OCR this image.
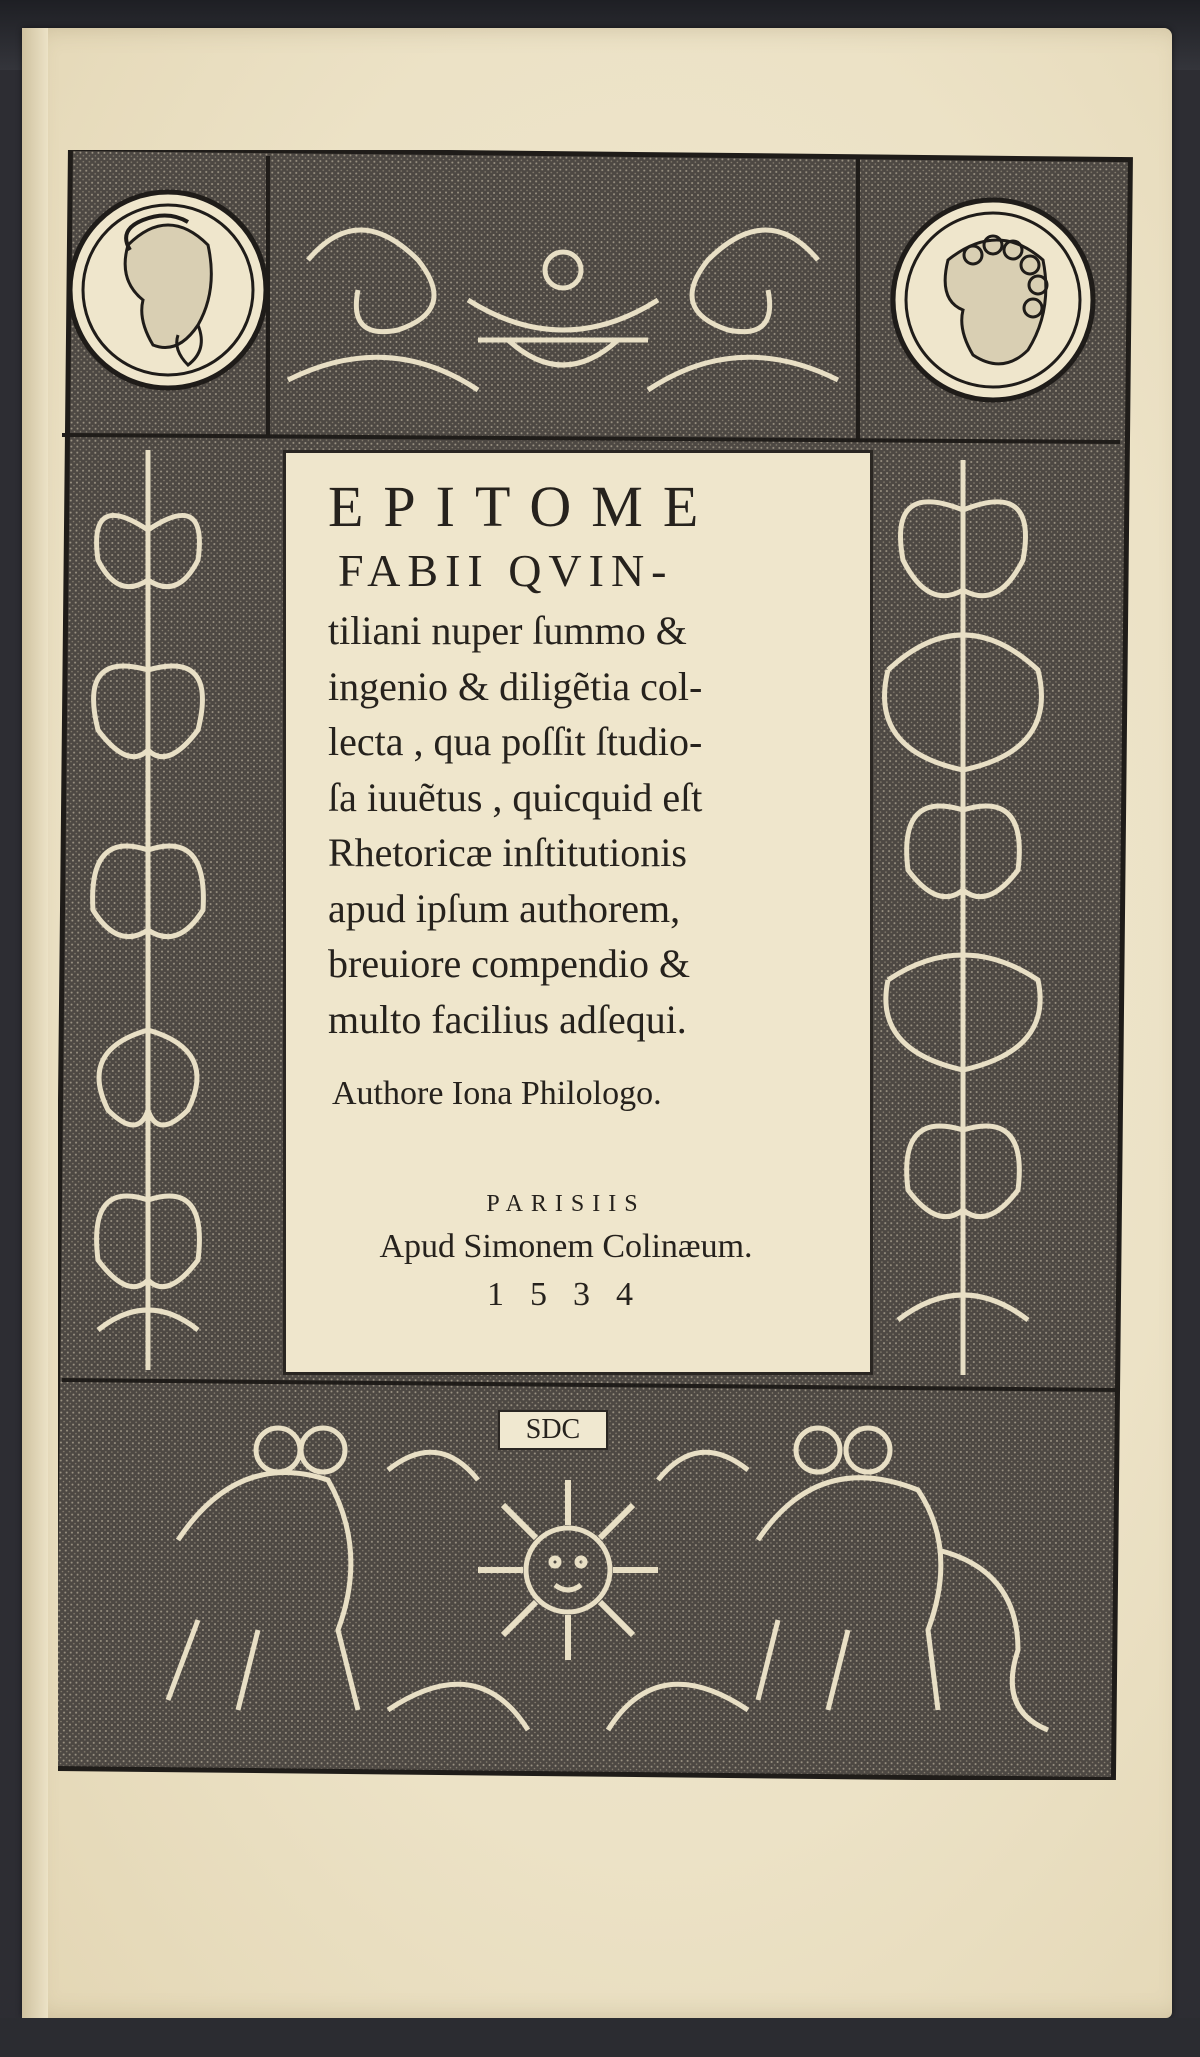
SDC
EPITOME
FABII QVIN-
tiliani nuper ſummo &
ingenio & diligẽtia col-
lecta , qua poſſit ſtudio-
ſa iuuẽtus , quicquid eſt
Rhetoricæ inſtitutionis
apud ipſum authorem,
breuiore compendio &
multo facilius adſequi.
Authore Iona Philologo.
PARISIIS
Apud Simonem Colinæum.
1534
